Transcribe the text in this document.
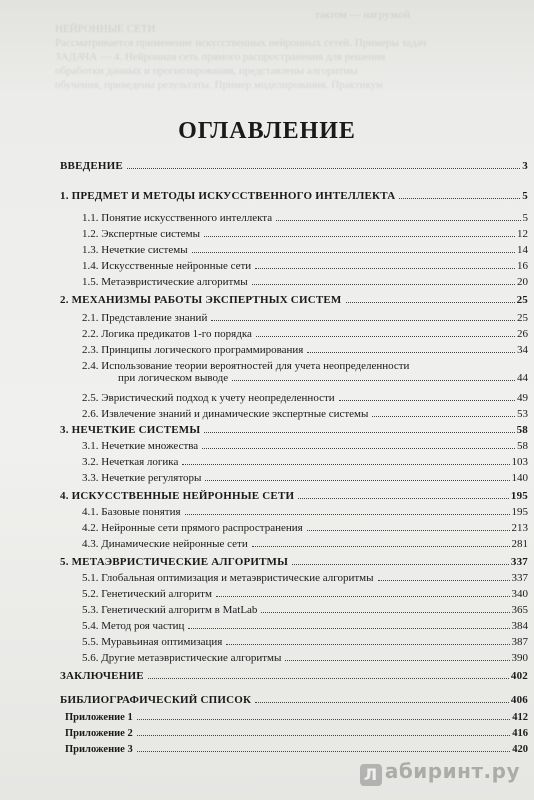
тактом — нагрузкой
НЕЙРОННЫЕ СЕТИ
Рассматривается применение искусственных нейронных сетей. Примеры задач
ЗАДАЧА — 4. Нейронная сеть прямого распространения для решения
обработки данных и прогнозирования, представлены алгоритмы
обучения, приведены результаты. Пример моделирования. Практикум
ОГЛАВЛЕНИЕ
ВВЕДЕНИЕ	3
1. ПРЕДМЕТ И МЕТОДЫ ИСКУССТВЕННОГО ИНТЕЛЛЕКТА	5
1.1. Понятие искусственного интеллекта	5
1.2. Экспертные системы	12
1.3. Нечеткие системы	14
1.4. Искусственные нейронные сети	16
1.5. Метаэвристические алгоритмы	20
2. МЕХАНИЗМЫ РАБОТЫ ЭКСПЕРТНЫХ СИСТЕМ	25
2.1. Представление знаний	25
2.2. Логика предикатов 1-го порядка	26
2.3. Принципы логического программирования	34
2.4. Использование теории вероятностей для учета неопределенности
при логическом выводе	44
2.5. Эвристический подход к учету неопределенности	49
2.6. Извлечение знаний и динамические экспертные системы	53
3. НЕЧЕТКИЕ СИСТЕМЫ	58
3.1. Нечеткие множества	58
3.2. Нечеткая логика	103
3.3. Нечеткие регуляторы	140
4. ИСКУССТВЕННЫЕ НЕЙРОННЫЕ СЕТИ	195
4.1. Базовые понятия	195
4.2. Нейронные сети прямого распространения	213
4.3. Динамические нейронные сети	281
5. МЕТАЭВРИСТИЧЕСКИЕ АЛГОРИТМЫ	337
5.1. Глобальная оптимизация и метаэвристические алгоритмы	337
5.2. Генетический алгоритм	340
5.3. Генетический алгоритм в MatLab	365
5.4. Метод роя частиц	384
5.5. Муравьиная оптимизация	387
5.6. Другие метаэвристические алгоритмы	390
ЗАКЛЮЧЕНИЕ	402
БИБЛИОГРАФИЧЕСКИЙ СПИСОК	406
Приложение 1	412
Приложение 2	416
Приложение 3	420
Л абиринт.ру
